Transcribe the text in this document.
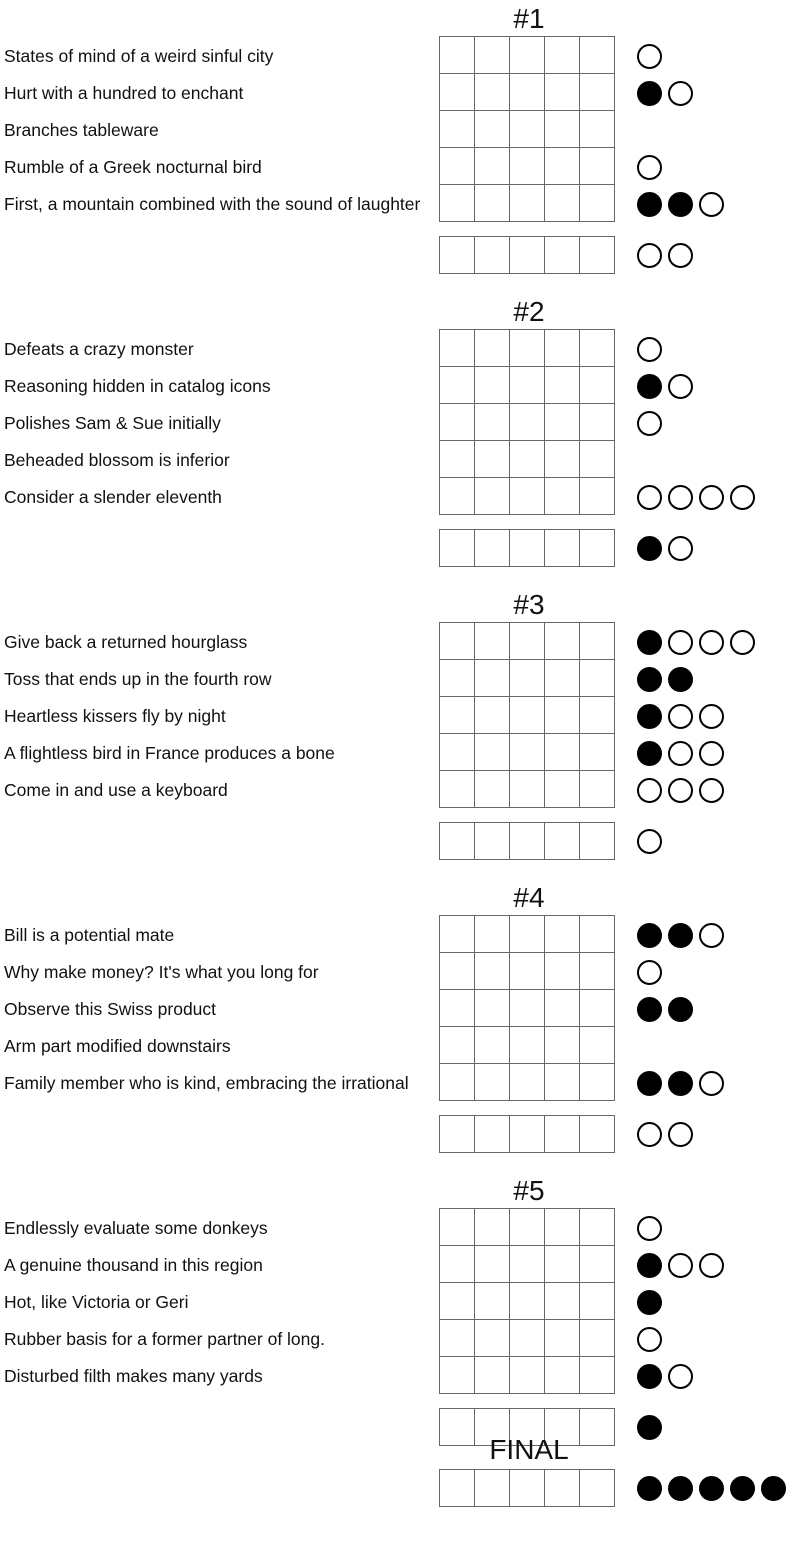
#1
States of mind of a weird sinful city
Hurt with a hundred to enchant
Branches tableware
Rumble of a Greek nocturnal bird
First, a mountain combined with the sound of laughter
#2
Defeats a crazy monster
Reasoning hidden in catalog icons
Polishes Sam & Sue initially
Beheaded blossom is inferior
Consider a slender eleventh
#3
Give back a returned hourglass
Toss that ends up in the fourth row
Heartless kissers fly by night
A flightless bird in France produces a bone
Come in and use a keyboard
#4
Bill is a potential mate
Why make money? It's what you long for
Observe this Swiss product
Arm part modified downstairs
Family member who is kind, embracing the irrational
#5
Endlessly evaluate some donkeys
A genuine thousand in this region
Hot, like Victoria or Geri
Rubber basis for a former partner of long.
Disturbed filth makes many yards
FINAL
